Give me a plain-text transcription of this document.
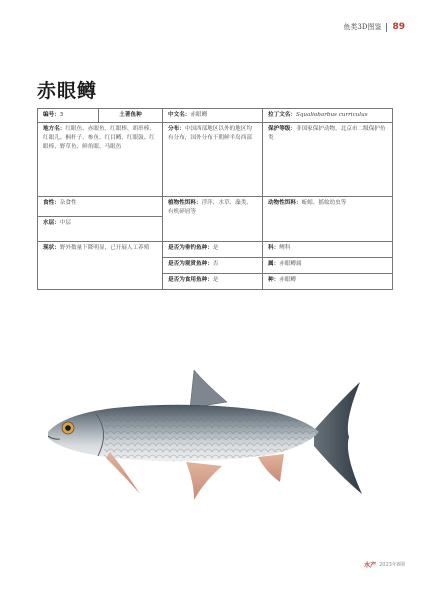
鱼类3D图鉴 89
赤眼鳟
编号：3	土著鱼种	中文名：赤眼鳟	拉丁文名：Squaliobarbus curriculus
地方名：红眼鱼、赤眼鱼、红眼棒、胡串棒、红眼儿、桐杆子、参鱼、红目鳟、红眼鼓、红眼棒、野草鱼、鲜角眼、马眼鱼		分布：中国西部地区以外的地区均有分布，国外分布于朝鲜半岛西部	保护等级：非国家保护动物，北京市二级保护鱼类
食性：杂食性		植物性饵料：浮萍、水草、藻类、有机碎屑等	动物性饵料：蚯蚓、摇蚊幼虫等
水层：中层			
现状：野外数量下降明显，已开展人工养殖		是否为垂钓鱼种：是	科：鲤科
		是否为观赏鱼种：否	属：赤眼鳟属
		是否为食用鱼种：是	种：赤眼鳟
水产 2023年8期
